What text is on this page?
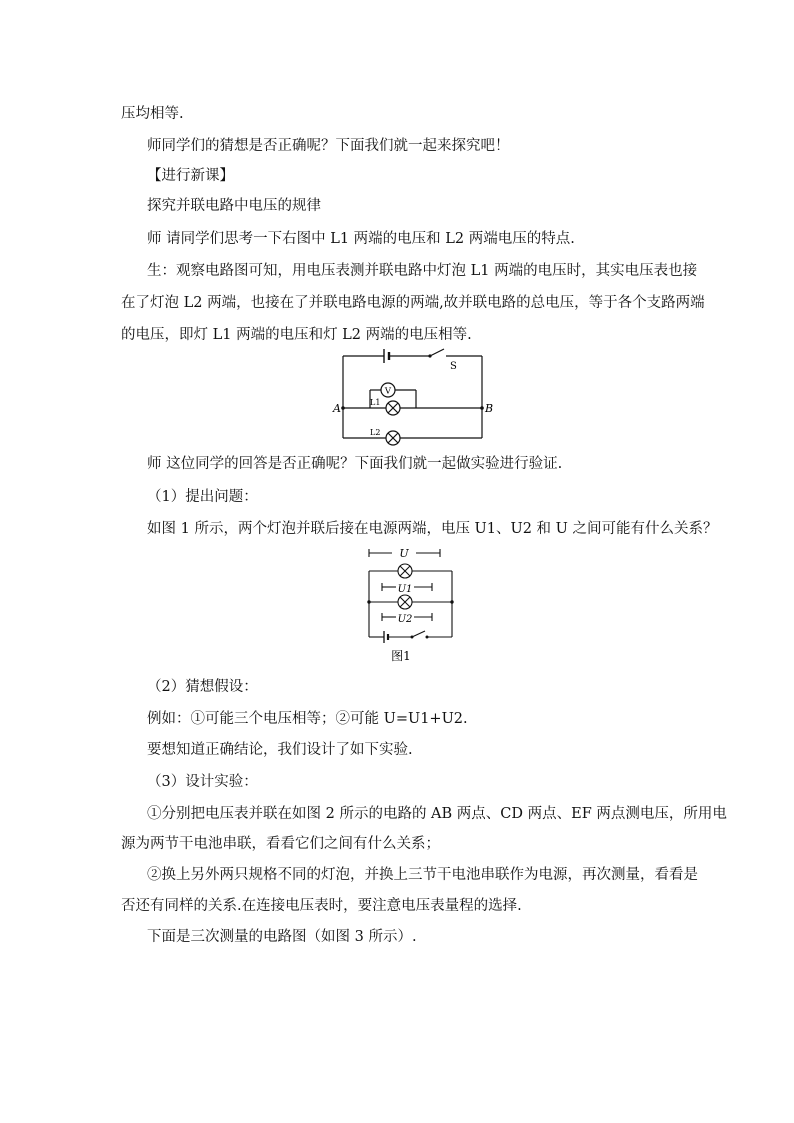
压均相等.
师同学们的猜想是否正确呢？下面我们就一起来探究吧！
【进行新课】
探究并联电路中电压的规律
师 请同学们思考一下右图中 L1 两端的电压和 L2 两端电压的特点.
生：观察电路图可知，用电压表测并联电路中灯泡 L1 两端的电压时，其实电压表也接
在了灯泡 L2 两端，也接在了并联电路电源的两端,故并联电路的总电压，等于各个支路两端
的电压，即灯 L1 两端的电压和灯 L2 两端的电压相等.
S
V
L1
L2
A	B
师 这位同学的回答是否正确呢？下面我们就一起做实验进行验证.
（1）提出问题：
如图 1 所示，两个灯泡并联后接在电源两端，电压 U1、U2 和 U 之间可能有什么关系？
U
U1
U2
图1
（2）猜想假设：
例如：①可能三个电压相等；②可能 U=U1+U2.
要想知道正确结论，我们设计了如下实验.
（3）设计实验：
①分别把电压表并联在如图 2 所示的电路的 AB 两点、CD 两点、EF 两点测电压，所用电
源为两节干电池串联，看看它们之间有什么关系；
②换上另外两只规格不同的灯泡，并换上三节干电池串联作为电源，再次测量，看看是
否还有同样的关系.在连接电压表时，要注意电压表量程的选择.
下面是三次测量的电路图（如图 3 所示）.
